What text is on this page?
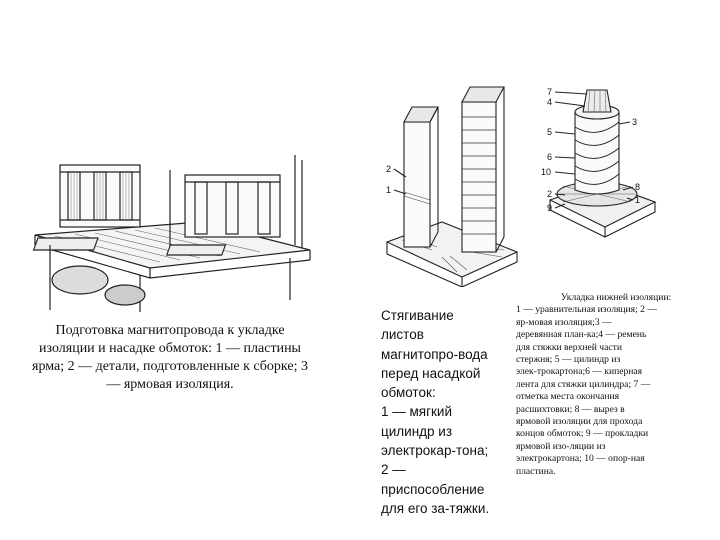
Подготовка магнитопровода к укладке

изоляции и насадке обмоток: 1 — пластины

ярма; 2 — детали, подготовленные к сборке; 3

— ярмовая изоляция.

2
1

Стягивание

листов

магнитопро-вода

перед насадкой

обмоток:

1 — мягкий

цилиндр из

электрокар-тона;

2 —

приспособление

для его за-тяжки.

7
4
3
5
6
10
8
2
9
1

Укладка нижней изоляции:

1 — уравнительная изоляция; 2 —

яр-мовая изоляция;3 —

деревянная план-ка;4 — ремень

для стяжки верхней части

стержня; 5 — цилиндр из

элек-трокартона;6 — киперная

лента для стяжки цилиндра; 7 —

отметка места окончания

расшихтовки; 8 — вырез в

ярмовой изоляции для прохода

концов обмоток; 9 — прокладки

ярмовой изо-ляции из

электрокартона; 10 — опор-ная

пластина.
